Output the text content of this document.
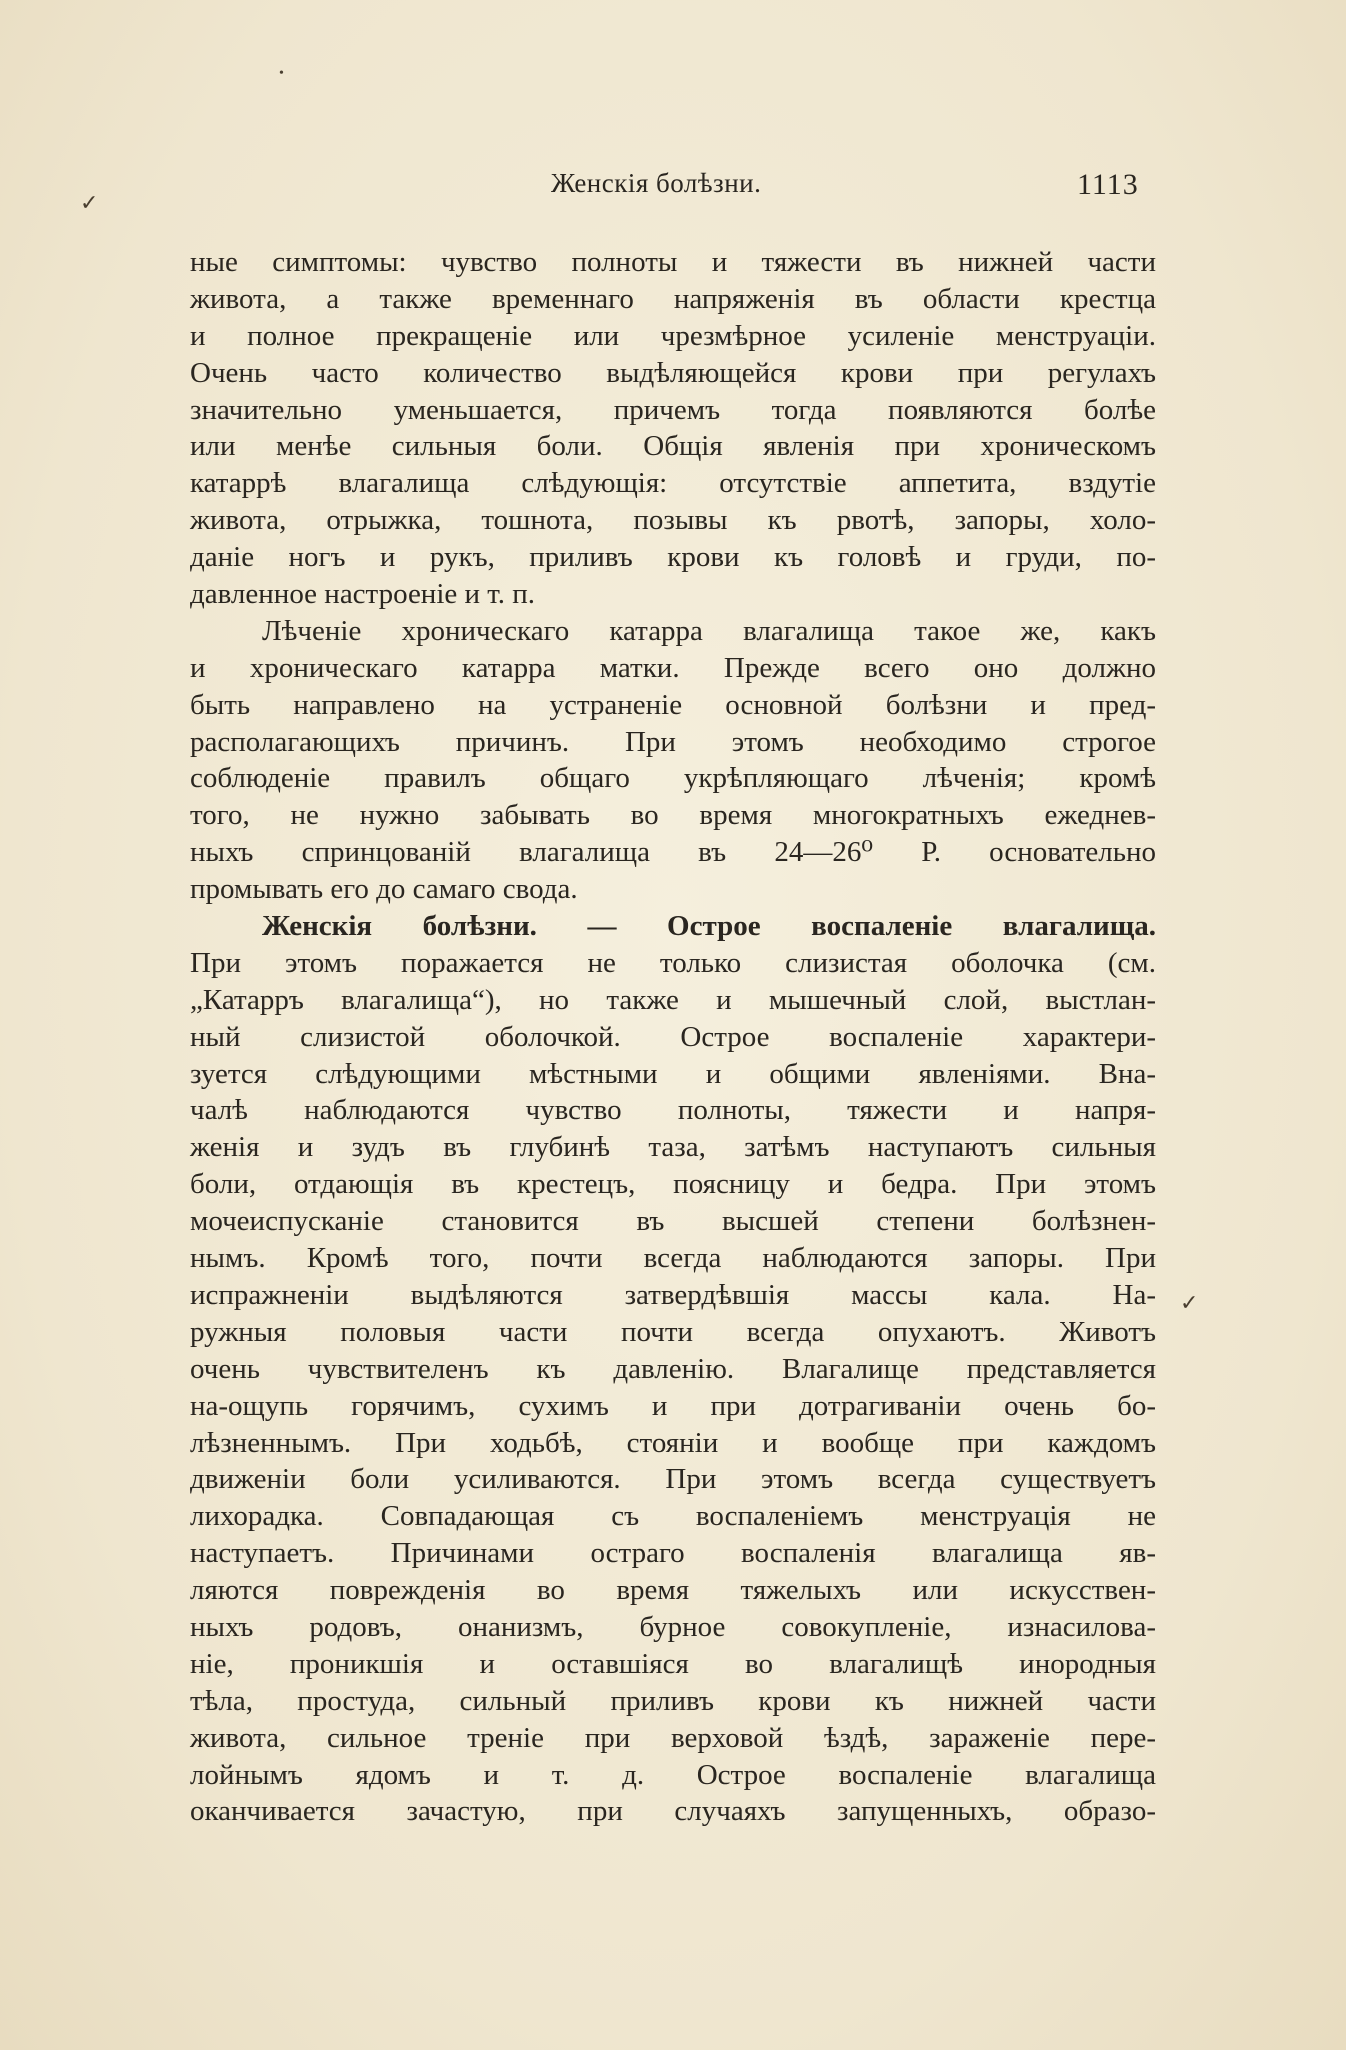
•
Женскія болѣзни.	1113
✓
✓
ные симптомы: чувство полноты и тяжести въ нижней части
живота, а также временнаго напряженія въ области крестца
и полное прекращеніе или чрезмѣрное усиленіе менструаціи.
Очень часто количество выдѣляющейся крови при регулахъ
значительно уменьшается, причемъ тогда появляются болѣе
или менѣе сильныя боли. Общія явленія при хроническомъ
катаррѣ влагалища слѣдующія: отсутствіе аппетита, вздутіе
живота, отрыжка, тошнота, позывы къ рвотѣ, запоры, холо-
даніе ногъ и рукъ, приливъ крови къ головѣ и груди, по-
давленное настроеніе и т. п.
Лѣченіе хроническаго катарра влагалища такое же, какъ
и хроническаго катарра матки. Прежде всего оно должно
быть направлено на устраненіе основной болѣзни и пред-
располагающихъ причинъ. При этомъ необходимо строгое
соблюденіе правилъ общаго укрѣпляющаго лѣченія; кромѣ
того, не нужно забывать во время многократныхъ ежеднев-
ныхъ спринцованій влагалища въ 24—26⁰ Р. основательно
промывать его до самаго свода.
Женскія болѣзни. — Острое воспаленіе влагалища.
При этомъ поражается не только слизистая оболочка (см.
„Катарръ влагалища“), но также и мышечный слой, выстлан-
ный слизистой оболочкой. Острое воспаленіе характери-
зуется слѣдующими мѣстными и общими явленіями. Вна-
чалѣ наблюдаются чувство полноты, тяжести и напря-
женія и зудъ въ глубинѣ таза, затѣмъ наступаютъ сильныя
боли, отдающія въ крестецъ, поясницу и бедра. При этомъ
мочеиспусканіе становится въ высшей степени болѣзнен-
нымъ. Кромѣ того, почти всегда наблюдаются запоры. При
испражненіи выдѣляются затвердѣвшія массы кала. На-
ружныя половыя части почти всегда опухаютъ. Животъ
очень чувствителенъ къ давленію. Влагалище представляется
на-ощупь горячимъ, сухимъ и при дотрагиваніи очень бо-
лѣзненнымъ. При ходьбѣ, стояніи и вообще при каждомъ
движеніи боли усиливаются. При этомъ всегда существуетъ
лихорадка. Совпадающая съ воспаленіемъ менструація не
наступаетъ. Причинами остраго воспаленія влагалища яв-
ляются поврежденія во время тяжелыхъ или искусствен-
ныхъ родовъ, онанизмъ, бурное совокупленіе, изнасилова-
ніе, проникшія и оставшіяся во влагалищѣ инородныя
тѣла, простуда, сильный приливъ крови къ нижней части
живота, сильное треніе при верховой ѣздѣ, зараженіе пере-
лойнымъ ядомъ и т. д. Острое воспаленіе влагалища
оканчивается зачастую, при случаяхъ запущенныхъ, образо-
